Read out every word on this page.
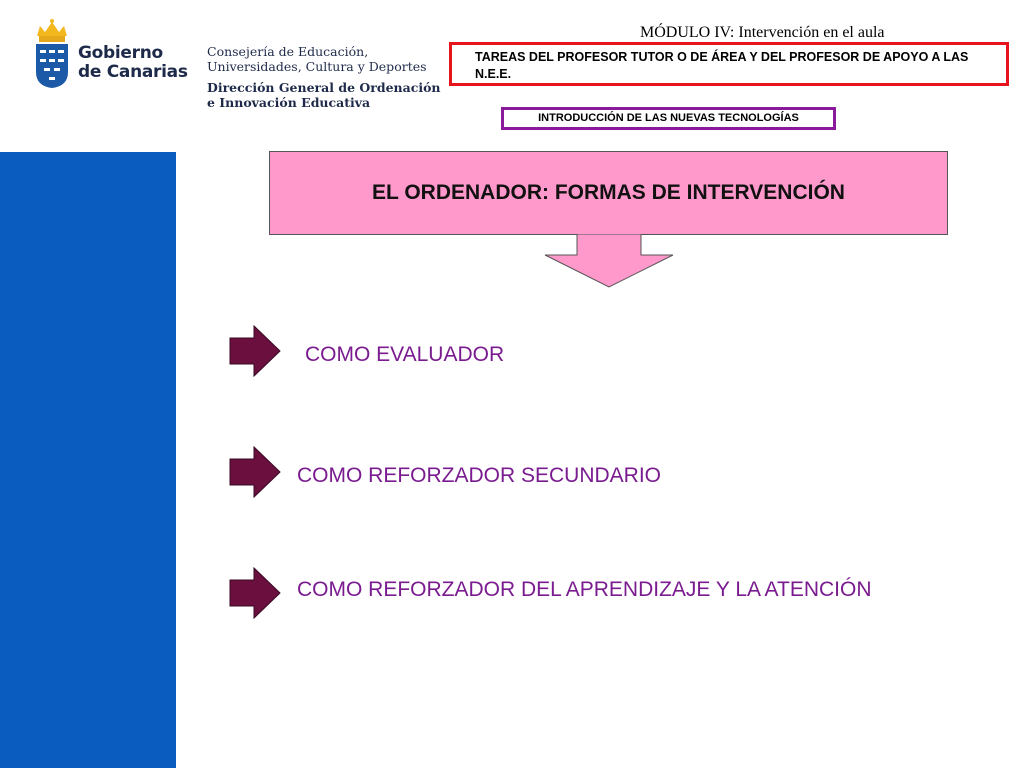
Gobierno
de Canarias
Consejería de Educación,
Universidades, Cultura y Deportes
Dirección General de Ordenación
e Innovación Educativa
MÓDULO IV: Intervención en el aula
TAREAS DEL PROFESOR TUTOR O DE ÁREA Y DEL PROFESOR DE APOYO A LAS N.E.E.
INTRODUCCIÓN DE LAS NUEVAS TECNOLOGÍAS
EL ORDENADOR: FORMAS DE INTERVENCIÓN
COMO EVALUADOR
COMO REFORZADOR SECUNDARIO
COMO REFORZADOR DEL APRENDIZAJE Y LA ATENCIÓN
